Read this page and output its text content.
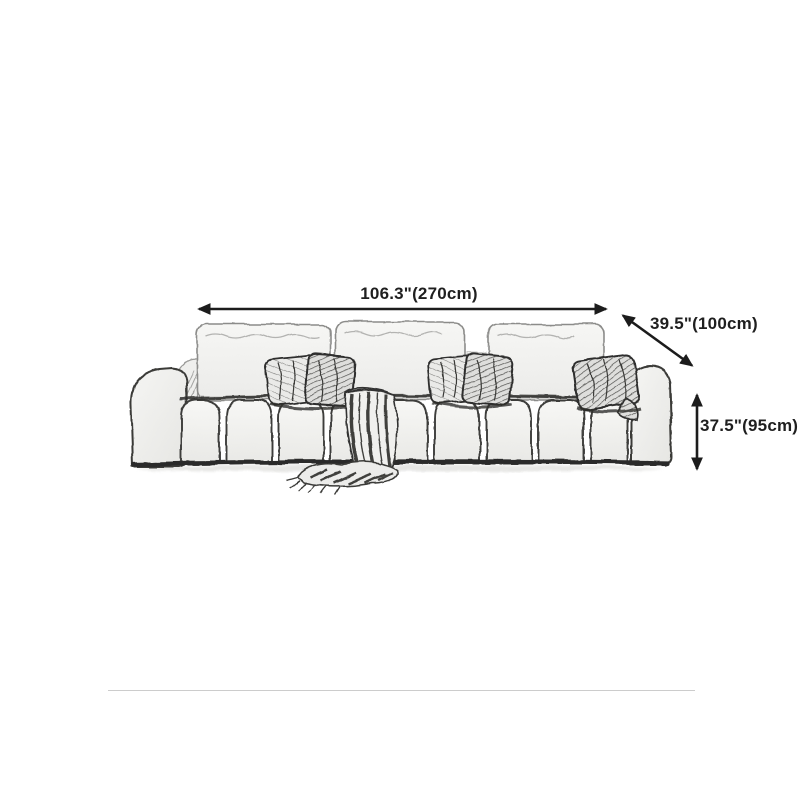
106.3"(270cm)
39.5"(100cm)
37.5"(95cm)
